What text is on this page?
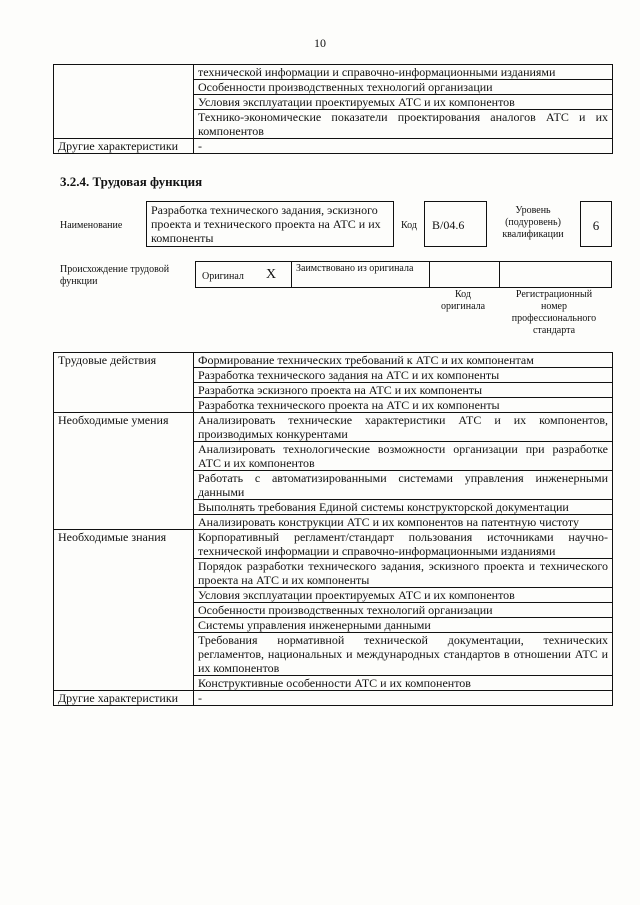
10
	технической информации и справочно-информационными изданиями
	Особенности производственных технологий организации
	Условия эксплуатации проектируемых АТС и их компонентов
	Технико-экономические показатели проектирования аналогов АТС и их компонентов
Другие характеристики	-
3.2.4. Трудовая функция
Наименование
Разработка технического задания, эскизного проекта и технического проекта на АТС и их компоненты
Код	B/04.6
Уровень (подуровень) квалификации
6
Происхождение трудовой функции	Оригинал X Заимствовано из оригинала
Код оригинала
Регистрационный номер профессионального стандарта
Трудовые действия	Формирование технических требований к АТС и их компонентам
	Разработка технического задания на АТС и их компоненты
	Разработка эскизного проекта на АТС и их компоненты
	Разработка технического проекта на АТС и их компоненты
Необходимые умения	Анализировать технические характеристики АТС и их компонентов, производимых конкурентами
	Анализировать технологические возможности организации при разработке АТС и их компонентов
	Работать с автоматизированными системами управления инженерными данными
	Выполнять требования Единой системы конструкторской документации
	Анализировать конструкции АТС и их компонентов на патентную чистоту
Необходимые знания	Корпоративный регламент/стандарт пользования источниками научно-технической информации и справочно-информационными изданиями
	Порядок разработки технического задания, эскизного проекта и технического проекта на АТС и их компоненты
	Условия эксплуатации проектируемых АТС и их компонентов
	Особенности производственных технологий организации
	Системы управления инженерными данными
	Требования нормативной технической документации, технических регламентов, национальных и международных стандартов в отношении АТС и их компонентов
	Конструктивные особенности АТС и их компонентов
Другие характеристики	-
